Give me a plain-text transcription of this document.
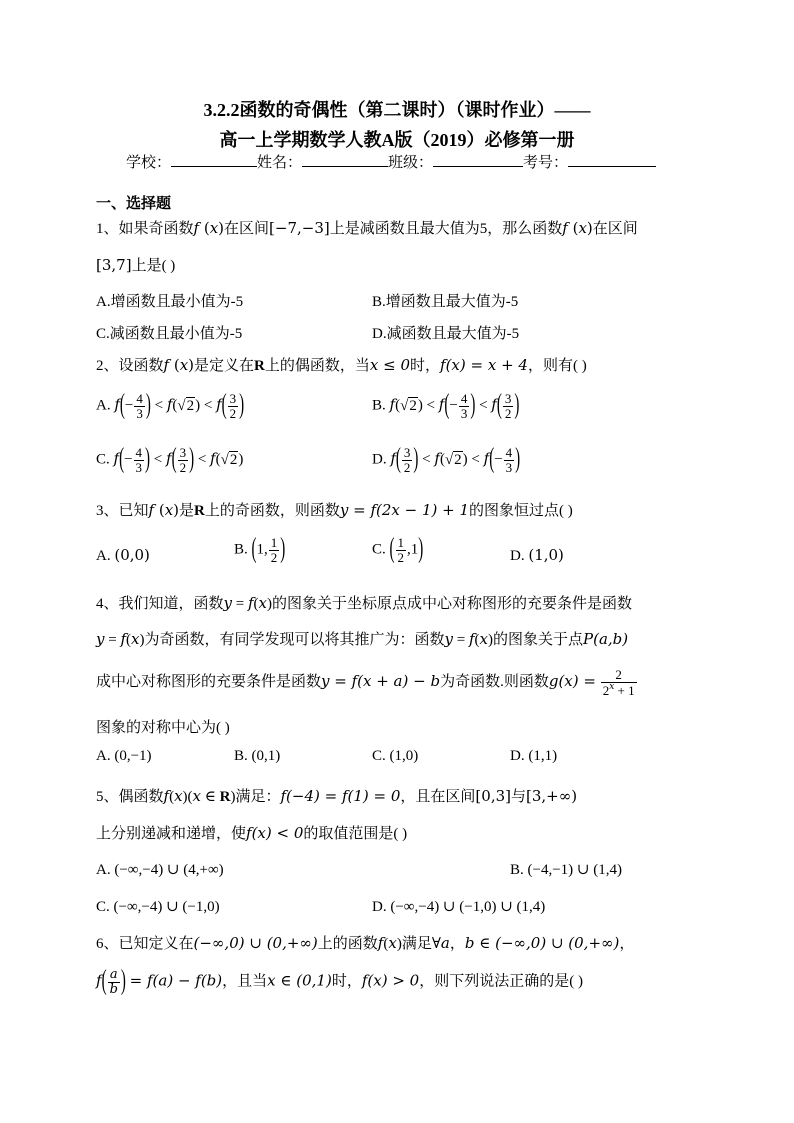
3.2.2函数的奇偶性（第二课时）（课时作业）——
高一上学期数学人教A版（2019）必修第一册
学校：	姓名：	班级：	考号：
一、选择题
1、如果奇函数f (x)在区间[−7,−3]上是减函数且最大值为5，那么函数f (x)在区间
[3,7]上是( )
A.增函数且最小值为-5	B.增函数且最大值为-5
C.减函数且最小值为-5	D.减函数且最大值为-5
2、设函数f (x)是定义在R上的偶函数，当x ≤ 0时，f(x) = x + 4，则有( )
A. $f(- \frac{4}{3}$ ) < $f(√2) < f( \frac{3}{2}$ )	B. $f(√2) < f(- \frac{4}{3}$ ) < $f( \frac{3}{2}$ )
C. $f(- \frac{4}{3}$ ) < $f( \frac{3}{2}$ ) < f(√2)	D. $f( \frac{3}{2}$ ) < $f(√2) < f(- \frac{4}{3}$ )
3、已知f (x)是R上的奇函数，则函数y = f(2x − 1) + 1的图象恒过点( )
A. (0,0)	B. (1, $\frac{1}{2}$ )	C. ( $\frac{1}{2} ,1$)	D. (1,0)
4、我们知道，函数y = f(x)的图象关于坐标原点成中心对称图形的充要条件是函数
y = f(x)为奇函数，有同学发现可以将其推广为：函数y = f(x)的图象关于点P(a,b)
成中心对称图形的充要条件是函数y = f(x + a) − b为奇函数.则函数$g(x) = \frac{2}{2^x + 1}$
图象的对称中心为( )
A. (0,−1)	B. (0,1)	C. (1,0)	D. (1,1)
5、偶函数f(x)(x ∈ R)满足：f(−4) = f(1) = 0，且在区间[0,3]与[3,+∞)
上分别递减和递增，使f(x) < 0的取值范围是( )
A. (−∞,−4) ∪ (4,+∞)	B. (−4,−1) ∪ (1,4)
C. (−∞,−4) ∪ (−1,0)	D. (−∞,−4) ∪ (−1,0) ∪ (1,4)
6、已知定义在(−∞,0) ∪ (0,+∞)上的函数f(x)满足∀a，b ∈ (−∞,0) ∪ (0,+∞)，
$f( \frac{a}{b}$ ) = f(a) − f(b)，且当x ∈ (0,1)时，f(x) > 0，则下列说法正确的是( )
